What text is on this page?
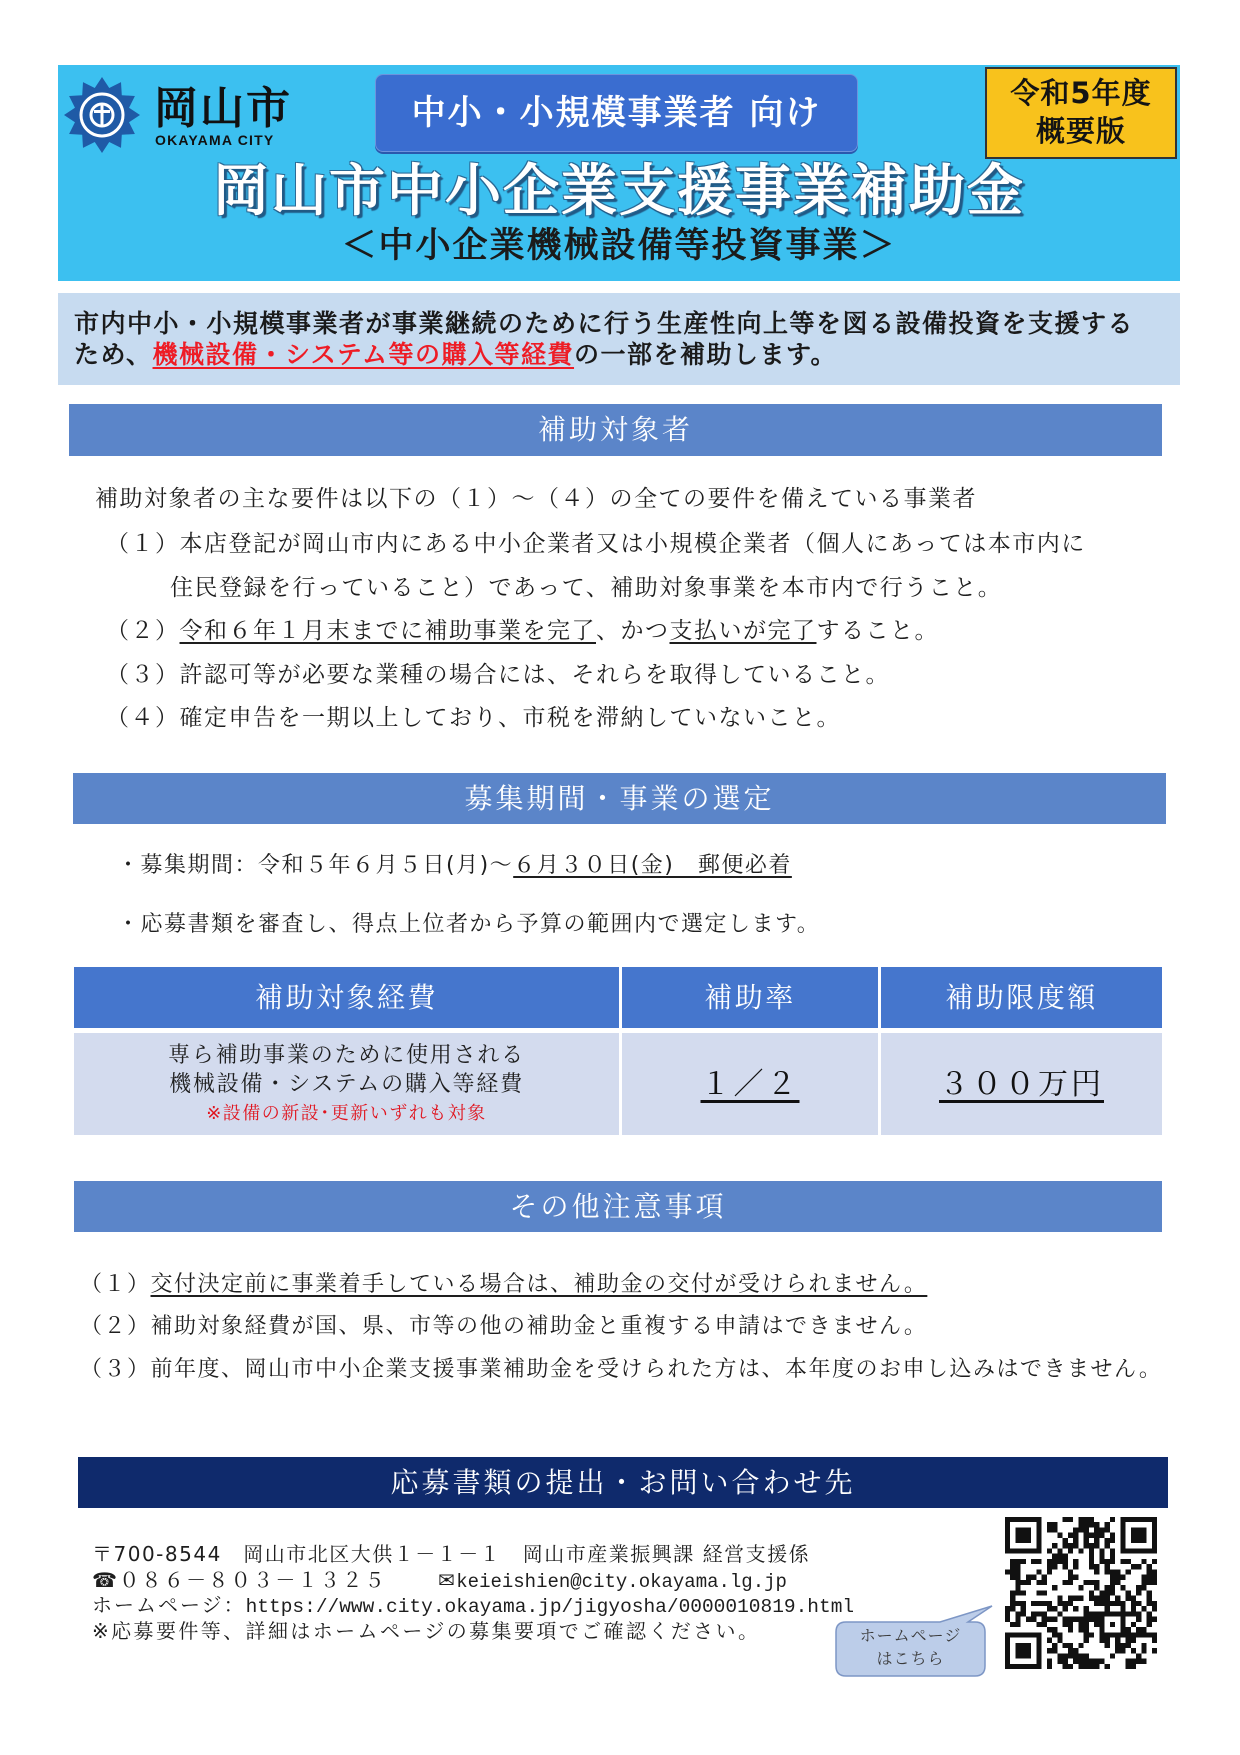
岡山市
OKAYAMA CITY
中小・小規模事業者 向け	令和5年度
概要版
岡山市中小企業支援事業補助金
＜中小企業機械設備等投資事業＞
市内中小・小規模事業者が事業継続のために行う生産性向上等を図る設備投資を支援する
ため、機械設備・システム等の購入等経費の一部を補助します。
補助対象者
補助対象者の主な要件は以下の（１）～（４）の全ての要件を備えている事業者
（１）本店登記が岡山市内にある中小企業者又は小規模企業者（個人にあっては本市内に
住民登録を行っていること）であって、補助対象事業を本市内で行うこと。
（２）令和６年１月末までに補助事業を完了、かつ支払いが完了すること。
（３）許認可等が必要な業種の場合には、それらを取得していること。
（４）確定申告を一期以上しており、市税を滞納していないこと。
募集期間・事業の選定
・募集期間：令和５年６月５日(月)～６月３０日(金)　郵便必着
・応募書類を審査し、得点上位者から予算の範囲内で選定します。
補助対象経費	補助率	補助限度額
専ら補助事業のために使用される
機械設備・システムの購入等経費
※設備の新設･更新いずれも対象
１／２	３００万円
その他注意事項
（１）交付決定前に事業着手している場合は、補助金の交付が受けられません。
（２）補助対象経費が国、県、市等の他の補助金と重複する申請はできません。
（３）前年度、岡山市中小企業支援事業補助金を受けられた方は、本年度のお申し込みはできません。
応募書類の提出・お問い合わせ先
〒700-8544　岡山市北区大供１－１－１　岡山市産業振興課 経営支援係
☎ ０８６－８０３－１３２５
✉	keieishien@city.okayama.lg.jp
ホームページ：https://www.city.okayama.jp/jigyosha/0000010819.html
※応募要件等、詳細はホームページの募集要項でご確認ください。	ホームページ
はこちら
